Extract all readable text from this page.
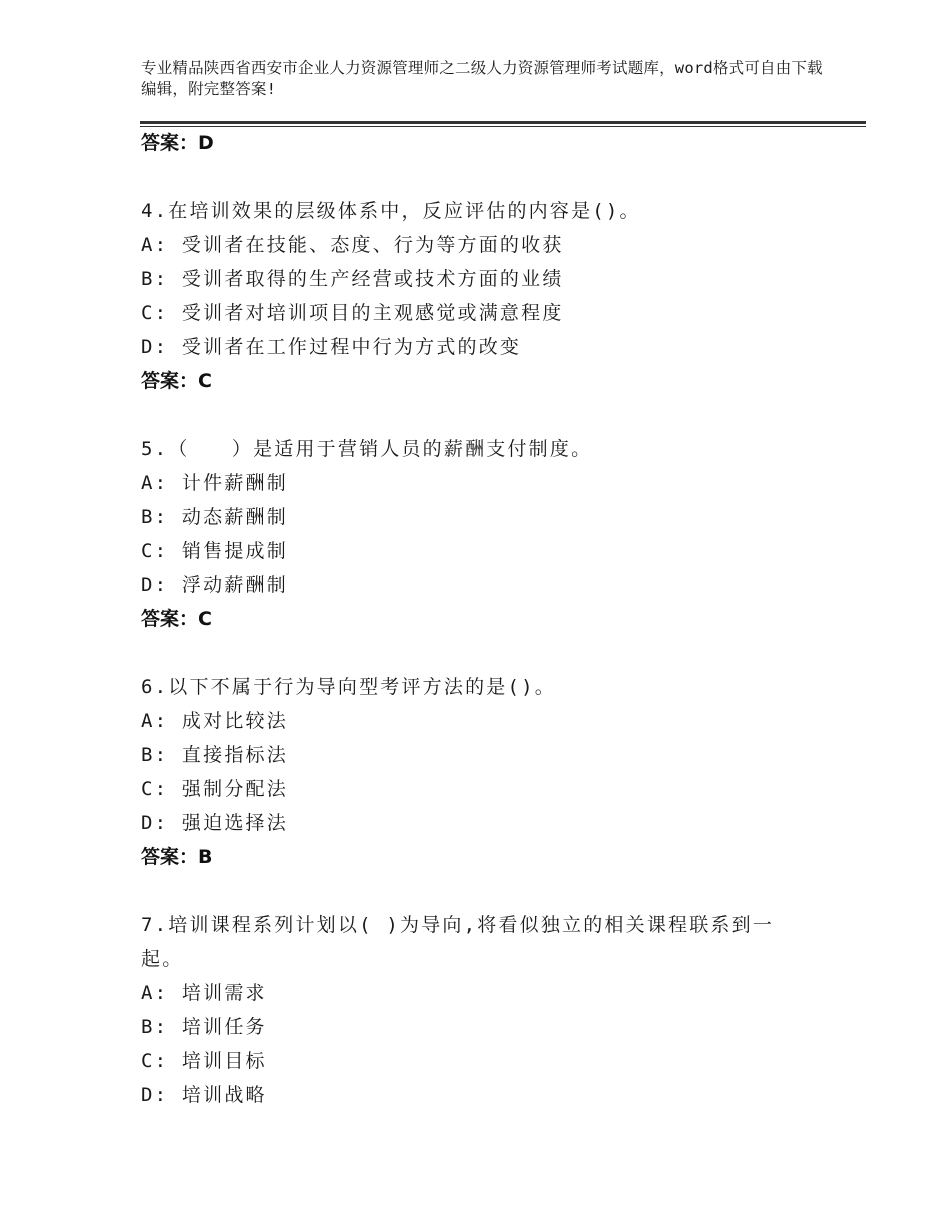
专业精品陕西省西安市企业人力资源管理师之二级人力资源管理师考试题库，word格式可自由下载编辑，附完整答案!
答案：D
4.在培训效果的层级体系中，反应评估的内容是()。
A: 受训者在技能、态度、行为等方面的收获
B: 受训者取得的生产经营或技术方面的业绩
C: 受训者对培训项目的主观感觉或满意程度
D: 受训者在工作过程中行为方式的改变
答案：C
5.（　　）是适用于营销人员的薪酬支付制度。
A: 计件薪酬制
B: 动态薪酬制
C: 销售提成制
D: 浮动薪酬制
答案：C
6.以下不属于行为导向型考评方法的是()。
A: 成对比较法
B: 直接指标法
C: 强制分配法
D: 强迫选择法
答案：B
7.培训课程系列计划以( )为导向,将看似独立的相关课程联系到一起。
A: 培训需求
B: 培训任务
C: 培训目标
D: 培训战略
